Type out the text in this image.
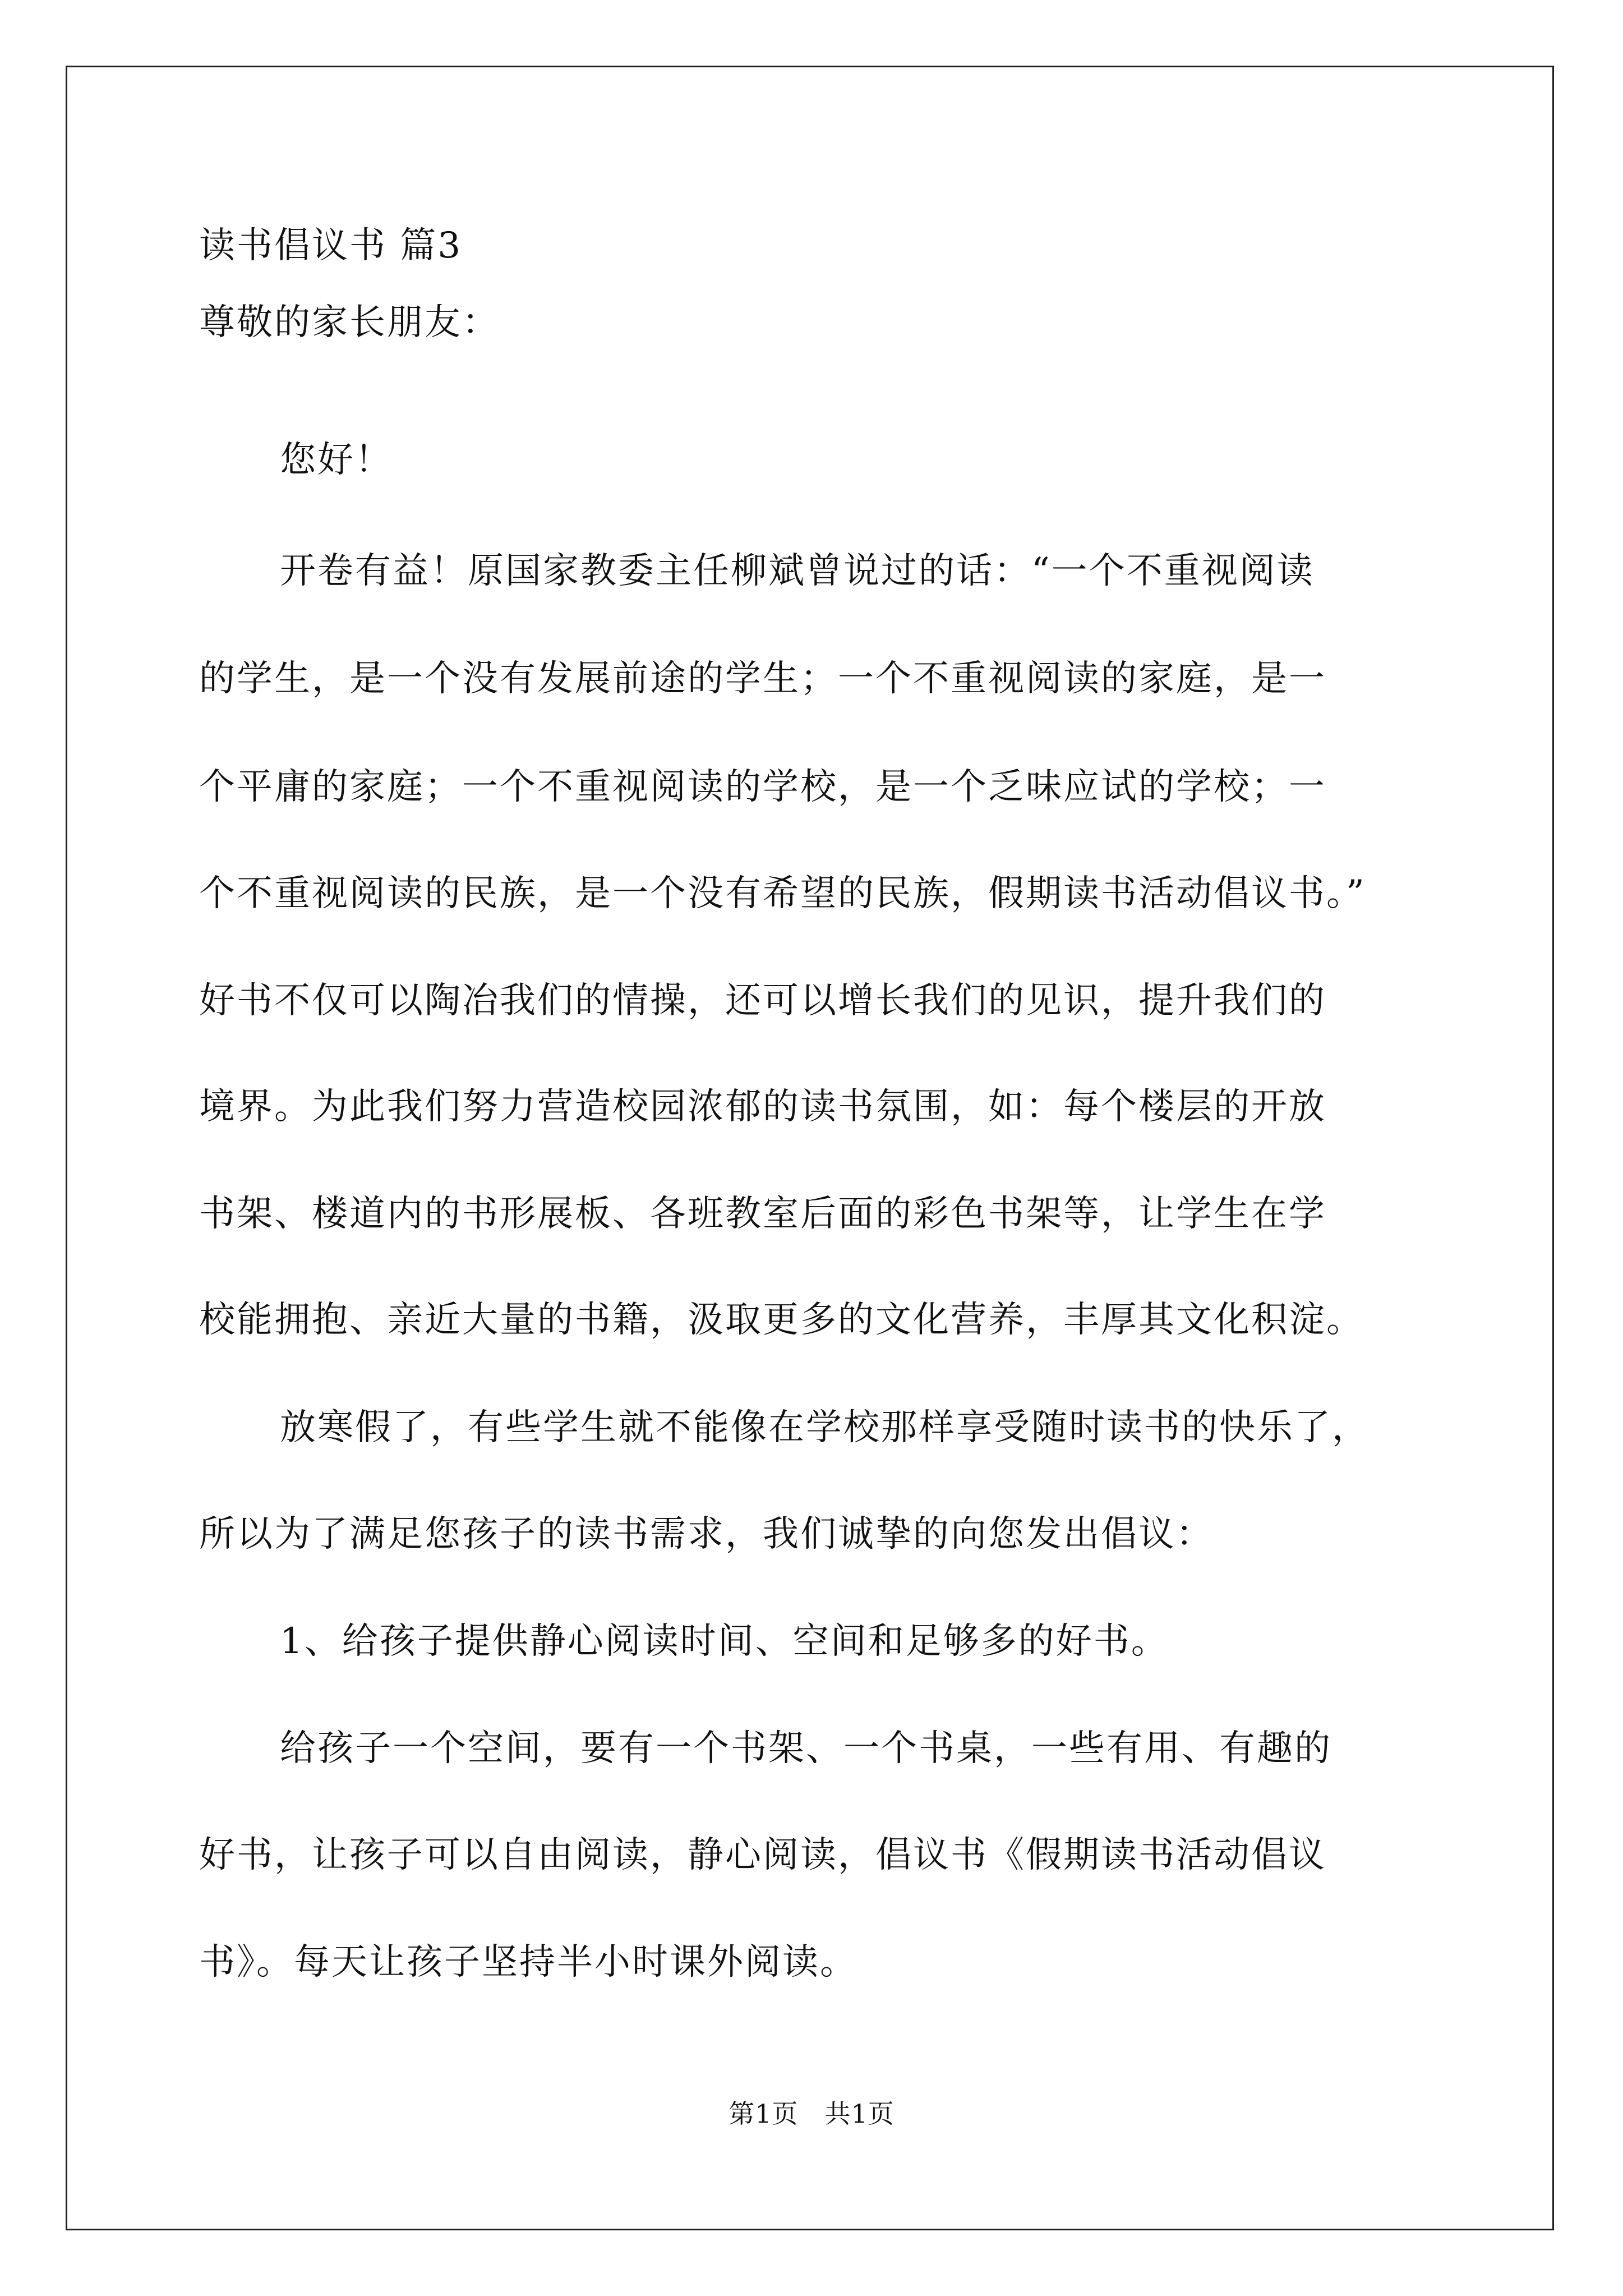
读书倡议书 篇3
尊敬的家长朋友：
您好！
开卷有益！原国家教委主任柳斌曾说过的话：“一个不重视阅读
的学生，是一个没有发展前途的学生；一个不重视阅读的家庭，是一
个平庸的家庭；一个不重视阅读的学校，是一个乏味应试的学校；一
个不重视阅读的民族，是一个没有希望的民族，假期读书活动倡议书。”
好书不仅可以陶冶我们的情操，还可以增长我们的见识，提升我们的
境界。为此我们努力营造校园浓郁的读书氛围，如：每个楼层的开放
书架、楼道内的书形展板、各班教室后面的彩色书架等，让学生在学
校能拥抱、亲近大量的书籍，汲取更多的文化营养，丰厚其文化积淀。
放寒假了，有些学生就不能像在学校那样享受随时读书的快乐了，
所以为了满足您孩子的读书需求，我们诚挚的向您发出倡议：
1、给孩子提供静心阅读时间、空间和足够多的好书。
给孩子一个空间，要有一个书架、一个书桌，一些有用、有趣的
好书，让孩子可以自由阅读，静心阅读，倡议书《假期读书活动倡议
书》。每天让孩子坚持半小时课外阅读。
第1页　共1页
